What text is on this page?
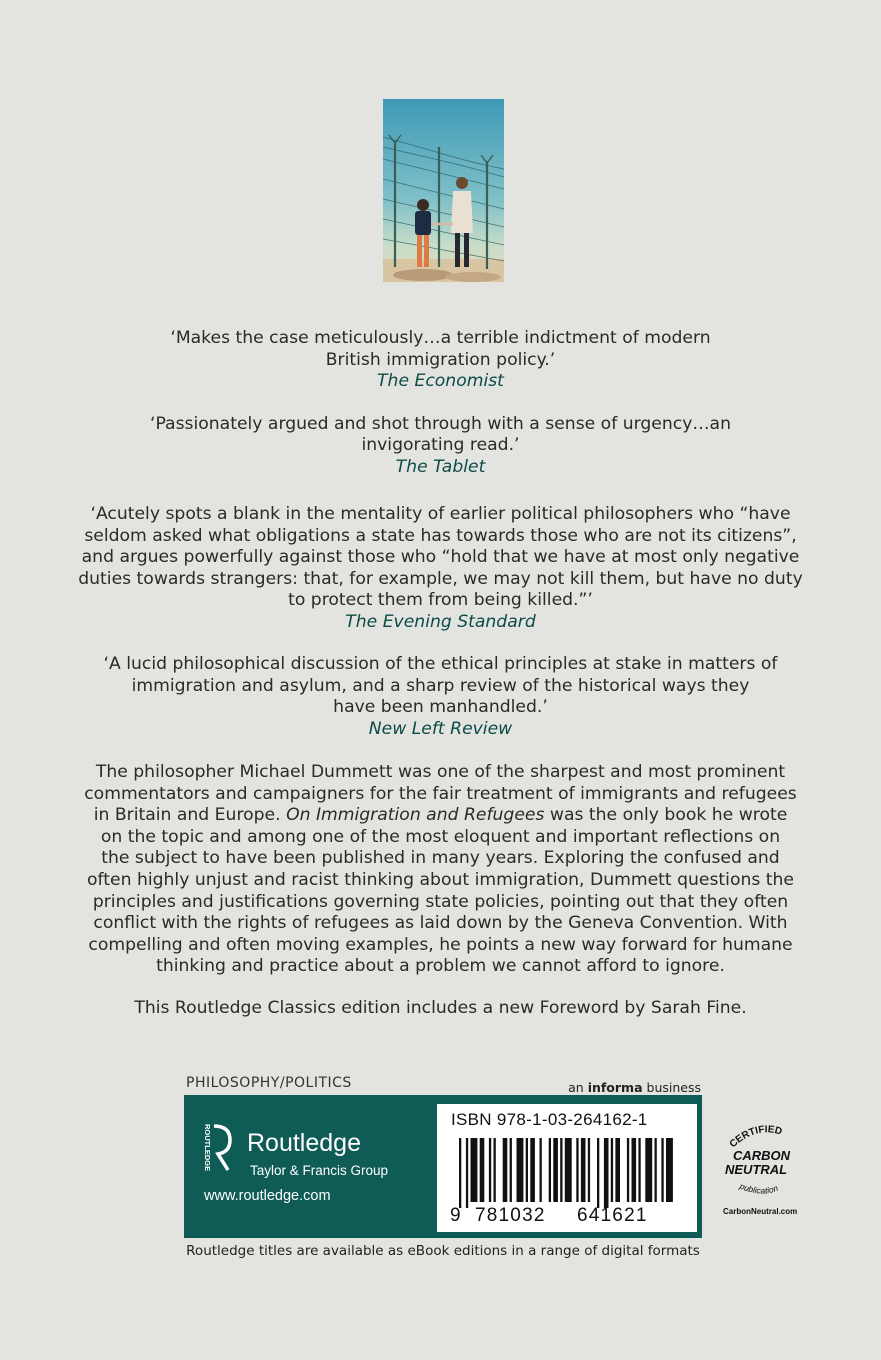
‘Makes the case meticulously…a terrible indictment of modern
British immigration policy.’
The Economist
‘Passionately argued and shot through with a sense of urgency…an
invigorating read.’
The Tablet
‘Acutely spots a blank in the mentality of earlier political philosophers who “have
seldom asked what obligations a state has towards those who are not its citizens”,
and argues powerfully against those who “hold that we have at most only negative
duties towards strangers: that, for example, we may not kill them, but have no duty
to protect them from being killed.”’
The Evening Standard
‘A lucid philosophical discussion of the ethical principles at stake in matters of
immigration and asylum, and a sharp review of the historical ways they
have been manhandled.’
New Left Review
The philosopher Michael Dummett was one of the sharpest and most prominent
commentators and campaigners for the fair treatment of immigrants and refugees
in Britain and Europe. On Immigration and Refugees was the only book he wrote
on the topic and among one of the most eloquent and important reflections on
the subject to have been published in many years. Exploring the confused and
often highly unjust and racist thinking about immigration, Dummett questions the
principles and justifications governing state policies, pointing out that they often
conflict with the rights of refugees as laid down by the Geneva Convention. With
compelling and often moving examples, he points a new way forward for humane
thinking and practice about a problem we cannot afford to ignore.
This Routledge Classics edition includes a new Foreword by Sarah Fine.
PHILOSOPHY/POLITICS	an informa business
ROUTLEDGE Routledge
Taylor & Francis Group
www.routledge.com
ISBN 978-1-03-264162-1
9 781032 641621
Routledge titles are available as eBook editions in a range of digital formats
CERTIFIED
CARBON
NEUTRAL
publication
CarbonNeutral.com
